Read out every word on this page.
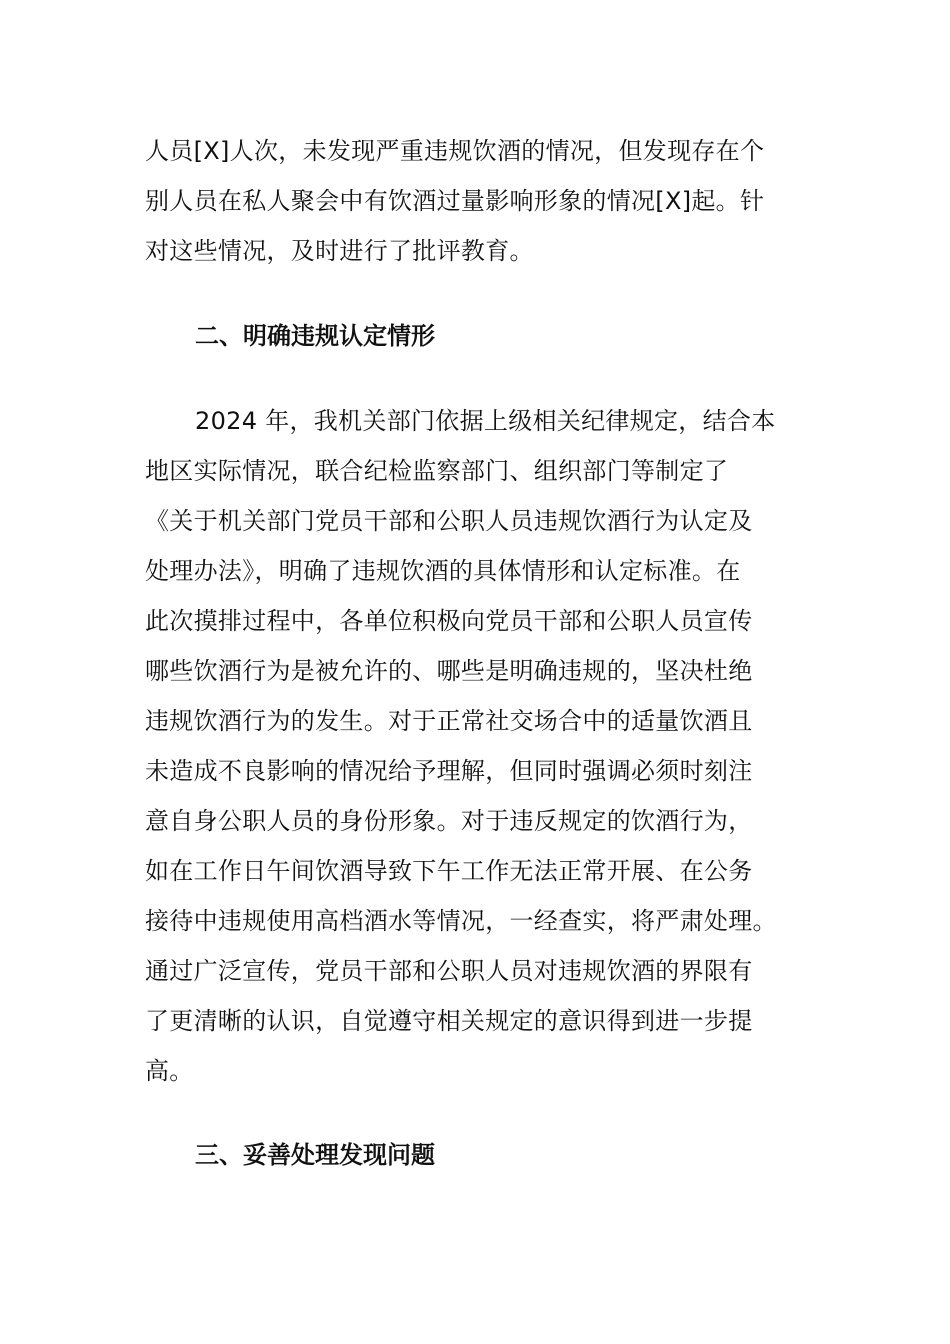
人员[X]人次，未发现严重违规饮酒的情况，但发现存在个
别人员在私人聚会中有饮酒过量影响形象的情况[X]起。针
对这些情况，及时进行了批评教育。
二、明确违规认定情形
2024 年，我机关部门依据上级相关纪律规定，结合本
地区实际情况，联合纪检监察部门、组织部门等制定了
《关于机关部门党员干部和公职人员违规饮酒行为认定及
处理办法》，明确了违规饮酒的具体情形和认定标准。在
此次摸排过程中，各单位积极向党员干部和公职人员宣传
哪些饮酒行为是被允许的、哪些是明确违规的，坚决杜绝
违规饮酒行为的发生。对于正常社交场合中的适量饮酒且
未造成不良影响的情况给予理解，但同时强调必须时刻注
意自身公职人员的身份形象。对于违反规定的饮酒行为，
如在工作日午间饮酒导致下午工作无法正常开展、在公务
接待中违规使用高档酒水等情况，一经查实，将严肃处理。
通过广泛宣传，党员干部和公职人员对违规饮酒的界限有
了更清晰的认识，自觉遵守相关规定的意识得到进一步提
高。
三、妥善处理发现问题
